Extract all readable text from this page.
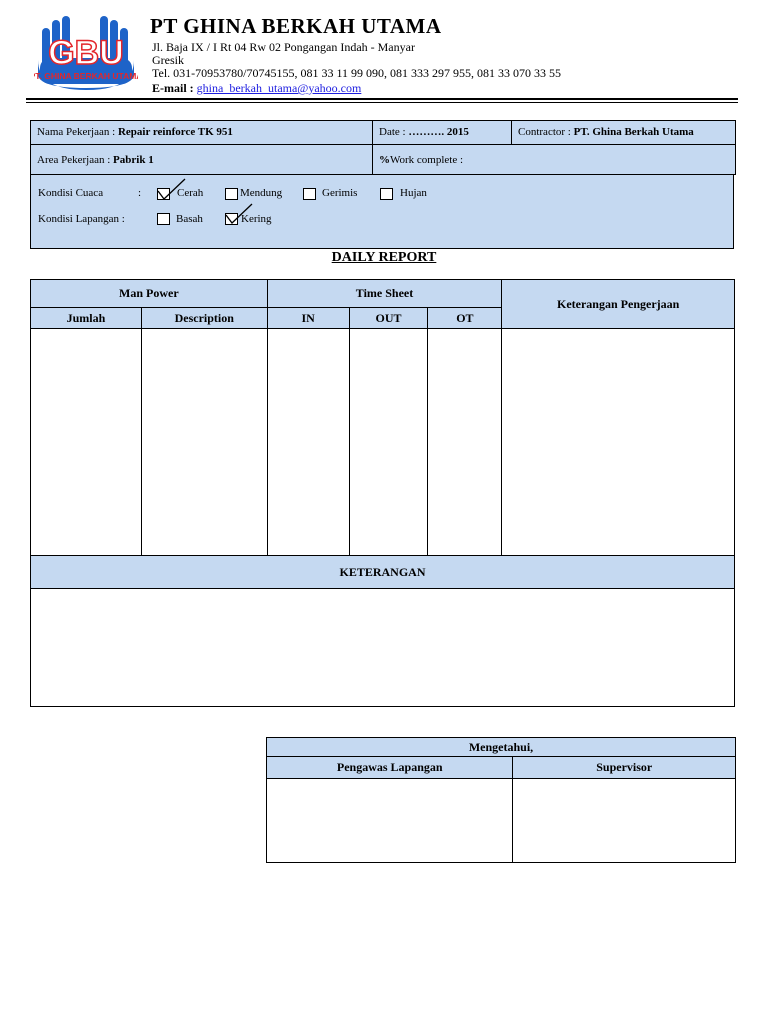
GBU
PT. GHINA BERKAH UTAMA
PT GHINA BERKAH UTAMA
Jl. Baja IX / I Rt 04 Rw 02 Pongangan Indah - Manyar
Gresik
Tel. 031-70953780/70745155, 081 33 11 99 090, 081 333 297 955, 081 33 070 33 55
E-mail : ghina_berkah_utama@yahoo.com
Nama Pekerjaan : Repair reinforce TK 951	Date : ………. 2015	Contractor : PT. Ghina Berkah Utama
Area Pekerjaan : Pabrik 1	%Work complete :
Kondisi Cuaca	:	Cerah	Mendung	Gerimis	Hujan
Kondisi Lapangan :	Basah	Kering
DAILY REPORT
Man Power		Time Sheet			Keterangan Pengerjaan
Jumlah	Description	IN	OUT	OT	

KETERANGAN					

Mengetahui,	
Pengawas Lapangan	Supervisor
